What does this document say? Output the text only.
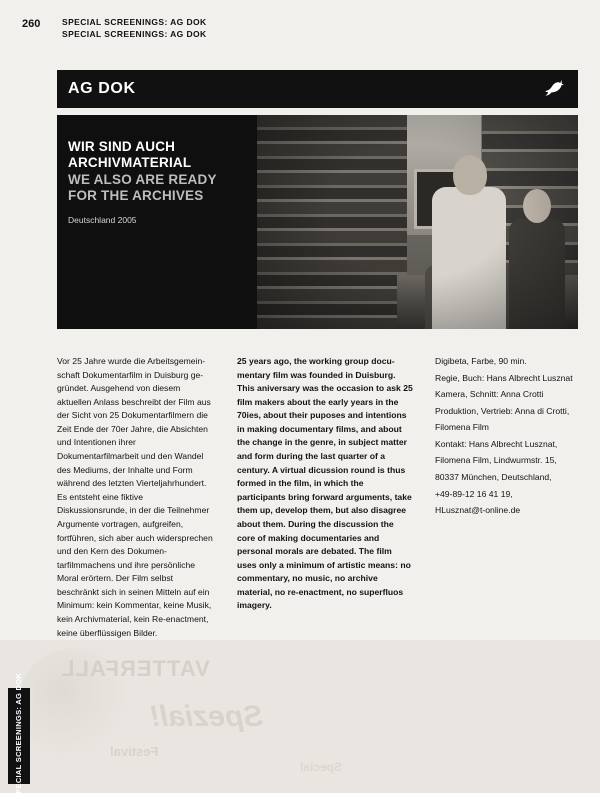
VATTERFALL
Spezial!
Festival
Special
260	SPECIAL SCREENINGS: AG DOK
SPECIAL SCREENINGS: AG DOK
SPECIAL SCREENINGS: AG DOK
AG DOK
WIR SIND AUCH
ARCHIVMATERIAL
WE ALSO ARE READY
FOR THE ARCHIVES
Deutschland 2005

Vor 25 Jahre wurde die Arbeitsgemeinschaft Dokumentarfilm in Duisburg gegründet. Ausgehend von diesem aktuellen Anlass beschreibt der Film aus der Sicht von 25 Dokumentarfilmern die Zeit Ende der 70er Jahre, die Absichten und Intentionen ihrer Dokumentarfilmarbeit und den Wandel des Mediums, der Inhalte und Form während des letzten Vierteljahrhundert. Es entsteht eine fiktive Diskussionsrunde, in der die Teilnehmer Argumente vortragen, aufgreifen, fortführen, sich aber auch widersprechen und den Kern des Dokumentarfilmmachens und ihre persönliche Moral erörtern. Der Film selbst beschränkt sich in seinen Mitteln auf ein Minimum: kein Kommentar, keine Musik, kein Archivmaterial, kein Re-enactment, keine überflüssigen Bilder.

25 years ago, the working group documentary film was founded in Duisburg. This aniversary was the occasion to ask 25 film makers about the early years in the 70ies, about their puposes and intentions in making documentary films, and about the change in the genre, in subject matter and form during the last quarter of a century. A virtual dicussion round is thus formed in the film, in which the participants bring forward arguments, take them up, develop them, but also disagree about them. During the discussion the core of making documentaries and personal morals are debated. The film uses only a minimum of artistic means: no commentary, no music, no archive material, no re-enactment, no superfluos imagery.

Digibeta, Farbe, 90 min.

Regie, Buch: Hans Albrecht Lusznat

Kamera, Schnitt: Anna Crotti

Produktion, Vertrieb: Anna di Crotti,

Filomena Film

Kontakt: Hans Albrecht Lusznat,

Filomena Film, Lindwurmstr. 15,

80337 München, Deutschland,

+49-89-12 16 41 19,

HLusznat@t-online.de
